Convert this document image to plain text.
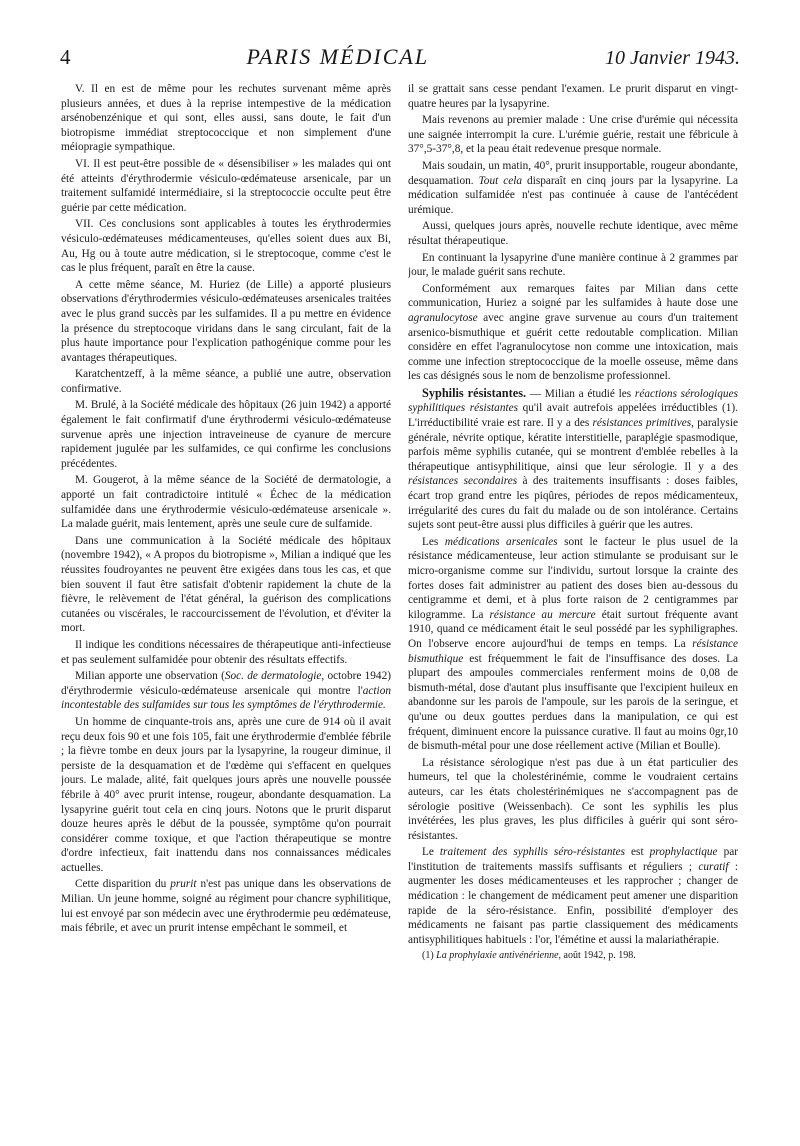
4	PARIS MÉDICAL	10 Janvier 1943.

V. Il en est de même pour les rechutes survenant même après plusieurs années, et dues à la reprise intempestive de la médication arsénobenzénique et qui sont, elles aussi, sans doute, le fait d'un biotropisme immédiat streptococcique et non simplement d'une méiopragie sympathique.

VI. Il est peut-être possible de « désensibiliser » les malades qui ont été atteints d'érythrodermie vésiculo-œdémateuse arsenicale, par un traitement sulfamidé intermédiaire, si la streptococcie occulte peut être guérie par cette médication.

VII. Ces conclusions sont applicables à toutes les érythrodermies vésiculo-œdémateuses médicamenteuses, qu'elles soient dues aux Bi, Au, Hg ou à toute autre médication, si le streptocoque, comme c'est le cas le plus fréquent, paraît en être la cause.

A cette même séance, M. Huriez (de Lille) a apporté plusieurs observations d'érythrodermies vésiculo-œdémateuses arsenicales traitées avec le plus grand succès par les sulfamides. Il a pu mettre en évidence la présence du streptocoque viridans dans le sang circulant, fait de la plus haute importance pour l'explication pathogénique comme pour les avantages thérapeutiques.

Karatchentzeff, à la même séance, a publié une autre, observation confirmative.

M. Brulé, à la Société médicale des hôpitaux (26 juin 1942) a apporté également le fait confirmatif d'une érythrodermi vésiculo-œdémateuse survenue après une injection intraveineuse de cyanure de mercure rapidement jugulée par les sulfamides, ce qui confirme les conclusions précédentes.

M. Gougerot, à la même séance de la Société de dermatologie, a apporté un fait contradictoire intitulé « Échec de la médication sulfamidée dans une érythrodermie vésiculo-œdémateuse arsenicale ». La malade guérit, mais lentement, après une seule cure de sulfamide.

Dans une communication à la Société médicale des hôpitaux (novembre 1942), « A propos du biotropisme », Milian a indiqué que les réussites foudroyantes ne peuvent être exigées dans tous les cas, et que bien souvent il faut être satisfait d'obtenir rapidement la chute de la fièvre, le relèvement de l'état général, la guérison des complications cutanées ou viscérales, le raccourcissement de l'évolution, et d'éviter la mort.

Il indique les conditions nécessaires de thérapeutique anti-infectieuse et pas seulement sulfamidée pour obtenir des résultats effectifs.

Milian apporte une observation (Soc. de dermatologie, octobre 1942) d'érythrodermie vésiculo-œdémateuse arsenicale qui montre l'action incontestable des sulfamides sur tous les symptômes de l'érythrodermie.

Un homme de cinquante-trois ans, après une cure de 914 où il avait reçu deux fois 90 et une fois 105, fait une érythrodermie d'emblée fébrile ; la fièvre tombe en deux jours par la lysapyrine, la rougeur diminue, il persiste de la desquamation et de l'œdème qui s'effacent en quelques jours. Le malade, alité, fait quelques jours après une nouvelle poussée fébrile à 40° avec prurit intense, rougeur, abondante desquamation. La lysapyrine guérit tout cela en cinq jours. Notons que le prurit disparut douze heures après le début de la poussée, symptôme qu'on pourrait considérer comme toxique, et que l'action thérapeutique se montre d'ordre infectieux, fait inattendu dans nos connaissances médicales actuelles.

Cette disparition du prurit n'est pas unique dans les observations de Milian. Un jeune homme, soigné au régiment pour chancre syphilitique, lui est envoyé par son médecin avec une érythrodermie peu œdémateuse, mais fébrile, et avec un prurit intense empêchant le sommeil, et

il se grattait sans cesse pendant l'examen. Le prurit disparut en vingt-quatre heures par la lysapyrine.

Mais revenons au premier malade : Une crise d'urémie qui nécessita une saignée interrompit la cure. L'urémie guérie, restait une fébricule à 37°,5-37°,8, et la peau était redevenue presque normale.

Mais soudain, un matin, 40°, prurit insupportable, rougeur abondante, desquamation. Tout cela disparaît en cinq jours par la lysapyrine. La médication sulfamidée n'est pas continuée à cause de l'antécédent urémique.

Aussi, quelques jours après, nouvelle rechute identique, avec même résultat thérapeutique.

En continuant la lysapyrine d'une manière continue à 2 grammes par jour, le malade guérit sans rechute.

Conformément aux remarques faites par Milian dans cette communication, Huriez a soigné par les sulfamides à haute dose une agranulocytose avec angine grave survenue au cours d'un traitement arsenico-bismuthique et guérit cette redoutable complication. Milian considère en effet l'agranulocytose non comme une intoxication, mais comme une infection streptococcique de la moelle osseuse, même dans les cas désignés sous le nom de benzolisme professionnel.

Syphilis résistantes. — Milian a étudié les réactions sérologiques syphilitiques résistantes qu'il avait autrefois appelées irréductibles (1). L'irréductibilité vraie est rare. Il y a des résistances primitives, paralysie générale, névrite optique, kératite interstitielle, paraplégie spasmodique, parfois même syphilis cutanée, qui se montrent d'emblée rebelles à la thérapeutique antisyphilitique, ainsi que leur sérologie. Il y a des résistances secondaires à des traitements insuffisants : doses faibles, écart trop grand entre les piqûres, périodes de repos médicamenteux, irrégularité des cures du fait du malade ou de son intolérance. Certains sujets sont peut-être aussi plus difficiles à guérir que les autres.

Les médications arsenicales sont le facteur le plus usuel de la résistance médicamenteuse, leur action stimulante se produisant sur le micro-organisme comme sur l'individu, surtout lorsque la crainte des fortes doses fait administrer au patient des doses bien au-dessous du centigramme et demi, et à plus forte raison de 2 centigrammes par kilogramme. La résistance au mercure était surtout fréquente avant 1910, quand ce médicament était le seul possédé par les syphiligraphes. On l'observe encore aujourd'hui de temps en temps. La résistance bismuthique est fréquemment le fait de l'insuffisance des doses. La plupart des ampoules commerciales renferment moins de 0,08 de bismuth-métal, dose d'autant plus insuffisante que l'excipient huileux en abandonne sur les parois de l'ampoule, sur les parois de la seringue, et qu'une ou deux gouttes perdues dans la manipulation, ce qui est fréquent, diminuent encore la puissance curative. Il faut au moins 0gr,10 de bismuth-métal pour une dose réellement active (Milian et Boulle).

La résistance sérologique n'est pas due à un état particulier des humeurs, tel que la cholestérinémie, comme le voudraient certains auteurs, car les états cholestérinémiques ne s'accompagnent pas de sérologie positive (Weissenbach). Ce sont les syphilis les plus invétérées, les plus graves, les plus difficiles à guérir qui sont séro-résistantes.

Le traitement des syphilis séro-résistantes est prophylactique par l'institution de traitements massifs suffisants et réguliers ; curatif : augmenter les doses médicamenteuses et les rapprocher ; changer de médication : le changement de médicament peut amener une disparition rapide de la séro-résistance. Enfin, possibilité d'employer des médicaments ne faisant pas partie classiquement des médicaments antisyphilitiques habituels : l'or, l'émétine et aussi la malariathérapie.

(1) La prophylaxie antivénérienne, août 1942, p. 198.
